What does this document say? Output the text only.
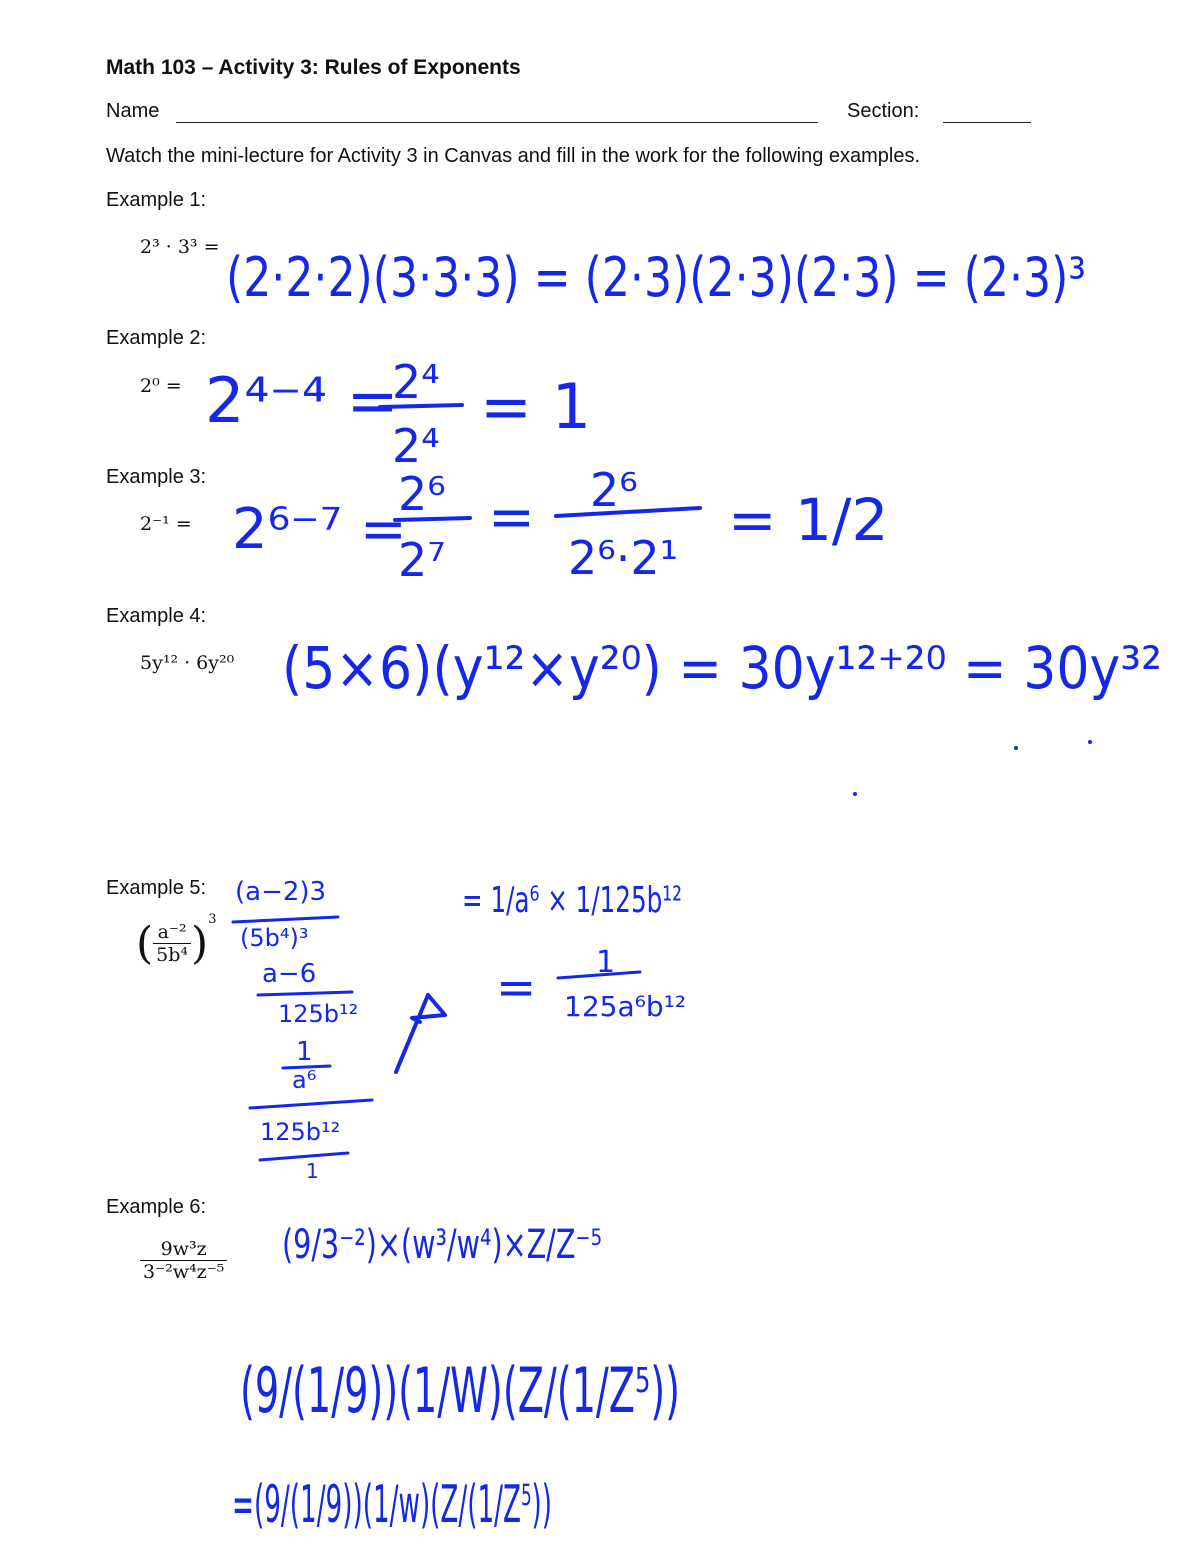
Math 103 – Activity 3: Rules of Exponents
Name	Section:
Watch the mini-lecture for Activity 3 in Canvas and fill in the work for the following examples.
Example 1:
Example 2:
Example 3:
Example 4:
Example 5:
Example 6:
2³ · 3³ =
2⁰ =
2⁻¹ =
5y¹² · 6y²⁰
( $\frac{\text{a⁻²}}{\text{5b⁴}} )^3$
$\frac{\text{9w³z}}{\text{3⁻²w⁴z⁻⁵}}$
(2·2·2)(3·3·3) = (2·3)(2·3)(2·3) = (2·3)³
2⁴⁻⁴ =
2⁴
2⁴
= 1
2⁶⁻⁷ =
2⁶
2⁷
= 2⁶
2⁶·2¹
= 1/2
(5×6)(y¹²×y²⁰) = 30y¹²⁺²⁰ = 30y³²
(a−2)3
(5b⁴)³
a−6
125b¹²
1
a⁶
125b¹²
1
= 1/a⁶ × 1/125b¹²
= 1
125a⁶b¹²
(9/3⁻²)×(w³/w⁴)×Z/Z⁻⁵
(9/(1/9))(1/W)(Z/(1/Z⁵))
=(9/(1/9))(1/w)(Z/(1/Z⁵))
